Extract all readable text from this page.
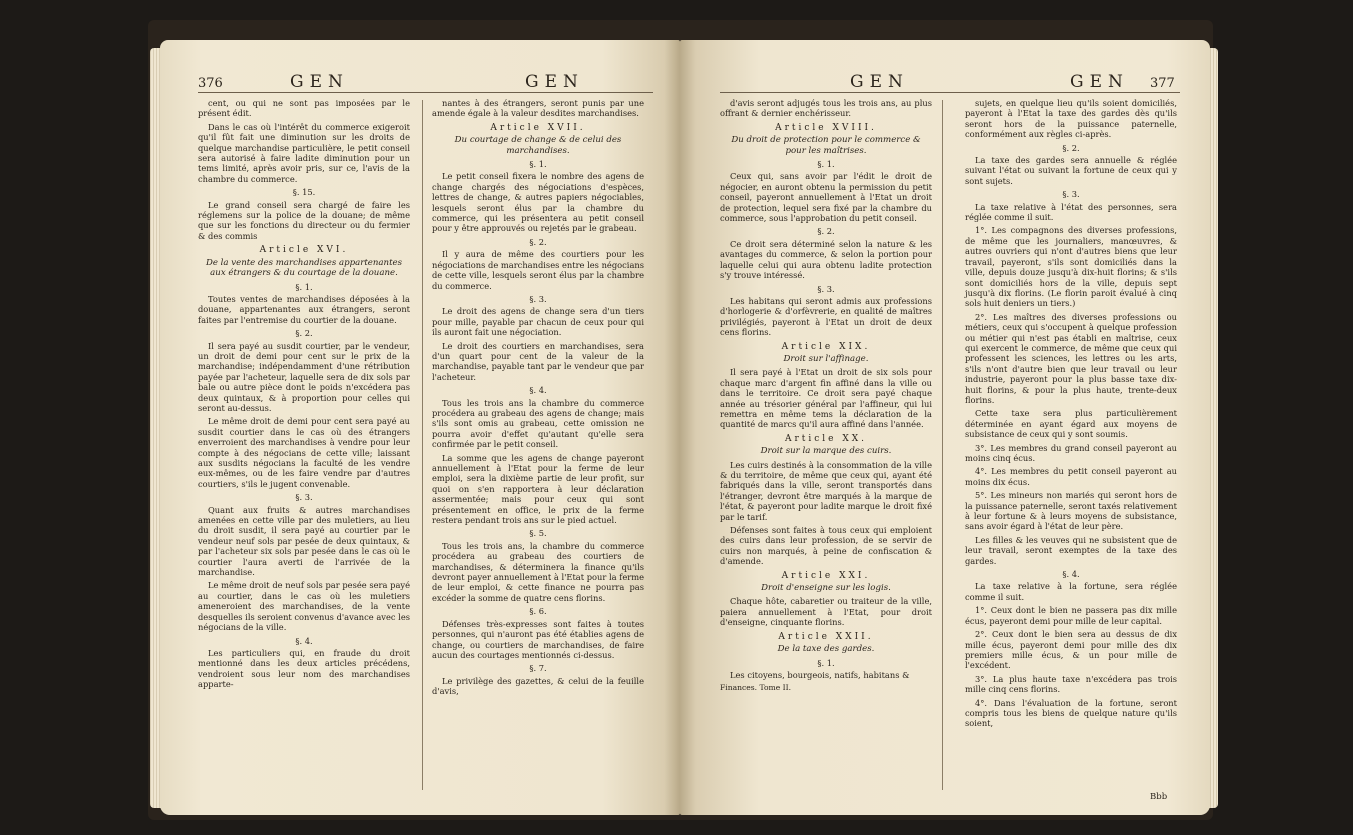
376	GEN	GEN

cent, ou qui ne sont pas imposées par le présent édit.

Dans le cas où l'intérêt du commerce exigeroit qu'il fût fait une diminution sur les droits de quelque marchandise particulière, le petit conseil sera autorisé à faire ladite diminution pour un tems limité, après avoir pris, sur ce, l'avis de la chambre du commerce.

§. 15.

Le grand conseil sera chargé de faire les réglemens sur la police de la douane; de même que sur les fonctions du directeur ou du fermier & des commis

Article XVI.

De la vente des marchandises appartenantes aux étrangers & du courtage de la douane.

§. 1.

Toutes ventes de marchandises déposées à la douane, appartenantes aux étrangers, seront faites par l'entremise du courtier de la douane.

§. 2.

Il sera payé au susdit courtier, par le vendeur, un droit de demi pour cent sur le prix de la marchandise; indépendamment d'une rétribution payée par l'acheteur, laquelle sera de dix sols par bale ou autre pièce dont le poids n'excédera pas deux quintaux, & à proportion pour celles qui seront au-dessus.

Le même droit de demi pour cent sera payé au susdit courtier dans le cas où des étrangers enverroient des marchandises à vendre pour leur compte à des négocians de cette ville; laissant aux susdits négocians la faculté de les vendre eux-mêmes, ou de les faire vendre par d'autres courtiers, s'ils le jugent convenable.

§. 3.

Quant aux fruits & autres marchandises amenées en cette ville par des muletiers, au lieu du droit susdit, il sera payé au courtier par le vendeur neuf sols par pesée de deux quintaux, & par l'acheteur six sols par pesée dans le cas où le courtier l'aura averti de l'arrivée de la marchandise.

Le même droit de neuf sols par pesée sera payé au courtier, dans le cas où les muletiers ameneroient des marchandises, de la vente desquelles ils seroient convenus d'avance avec les négocians de la ville.

§. 4.

Les particuliers qui, en fraude du droit mentionné dans les deux articles précédens, vendroient sous leur nom des marchandises apparte-

nantes à des étrangers, seront punis par une amende égale à la valeur desdites marchandises.

Article XVII.

Du courtage de change & de celui des marchandises.

§. 1.

Le petit conseil fixera le nombre des agens de change chargés des négociations d'espèces, lettres de change, & autres papiers négociables, lesquels seront élus par la chambre du commerce, qui les présentera au petit conseil pour y être approuvés ou rejetés par le grabeau.

§. 2.

Il y aura de même des courtiers pour les négociations de marchandises entre les négocians de cette ville, lesquels seront élus par la chambre du commerce.

§. 3.

Le droit des agens de change sera d'un tiers pour mille, payable par chacun de ceux pour qui ils auront fait une négociation.

Le droit des courtiers en marchandises, sera d'un quart pour cent de la valeur de la marchandise, payable tant par le vendeur que par l'acheteur.

§. 4.

Tous les trois ans la chambre du commerce procédera au grabeau des agens de change; mais s'ils sont omis au grabeau, cette omission ne pourra avoir d'effet qu'autant qu'elle sera confirmée par le petit conseil.

La somme que les agens de change payeront annuellement à l'Etat pour la ferme de leur emploi, sera la dixième partie de leur profit, sur quoi on s'en rapportera à leur déclaration assermentée; mais pour ceux qui sont présentement en office, le prix de la ferme restera pendant trois ans sur le pied actuel.

§. 5.

Tous les trois ans, la chambre du commerce procédera au grabeau des courtiers de marchandises, & déterminera la finance qu'ils devront payer annuellement à l'Etat pour la ferme de leur emploi, & cette finance ne pourra pas excéder la somme de quatre cens florins.

§. 6.

Défenses très-expresses sont faites à toutes personnes, qui n'auront pas été établies agens de change, ou courtiers de marchandises, de faire aucun des courtages mentionnés ci-dessus.

§. 7.

Le privilège des gazettes, & celui de la feuille d'avis,

GEN	GEN 377

d'avis seront adjugés tous les trois ans, au plus offrant & dernier enchérisseur.

Article XVIII.

Du droit de protection pour le commerce & pour les maîtrises.

§. 1.

Ceux qui, sans avoir par l'édit le droit de négocier, en auront obtenu la permission du petit conseil, payeront annuellement à l'Etat un droit de protection, lequel sera fixé par la chambre du commerce, sous l'approbation du petit conseil.

§. 2.

Ce droit sera déterminé selon la nature & les avantages du commerce, & selon la portion pour laquelle celui qui aura obtenu ladite protection s'y trouve intéressé.

§. 3.

Les habitans qui seront admis aux professions d'horlogerie & d'orfèvrerie, en qualité de maîtres privilégiés, payeront à l'Etat un droit de deux cens florins.

Article XIX.

Droit sur l'affinage.

Il sera payé à l'Etat un droit de six sols pour chaque marc d'argent fin affiné dans la ville ou dans le territoire. Ce droit sera payé chaque année au trésorier général par l'affineur, qui lui remettra en même tems la déclaration de la quantité de marcs qu'il aura affiné dans l'année.

Article XX.

Droit sur la marque des cuirs.

Les cuirs destinés à la consommation de la ville & du territoire, de même que ceux qui, ayant été fabriqués dans la ville, seront transportés dans l'étranger, devront être marqués à la marque de l'état, & payeront pour ladite marque le droit fixé par le tarif.

Défenses sont faites à tous ceux qui emploient des cuirs dans leur profession, de se servir de cuirs non marqués, à peine de confiscation & d'amende.

Article XXI.

Droit d'enseigne sur les logis.

Chaque hôte, cabaretier ou traiteur de la ville, paiera annuellement à l'Etat, pour droit d'enseigne, cinquante florins.

Article XXII.

De la taxe des gardes.

§. 1.

Les citoyens, bourgeois, natifs, habitans &

Finances. Tome II.

sujets, en quelque lieu qu'ils soient domiciliés, payeront à l'Etat la taxe des gardes dès qu'ils seront hors de la puissance paternelle, conformément aux règles ci-après.

§. 2.

La taxe des gardes sera annuelle & réglée suivant l'état ou suivant la fortune de ceux qui y sont sujets.

§. 3.

La taxe relative à l'état des personnes, sera réglée comme il suit.

1°. Les compagnons des diverses professions, de même que les journaliers, manœuvres, & autres ouvriers qui n'ont d'autres biens que leur travail, payeront, s'ils sont domiciliés dans la ville, depuis douze jusqu'à dix-huit florins; & s'ils sont domiciliés hors de la ville, depuis sept jusqu'à dix florins. (Le florin paroit évalué à cinq sols huit deniers un tiers.)

2°. Les maîtres des diverses professions ou métiers, ceux qui s'occupent à quelque profession ou métier qui n'est pas établi en maîtrise, ceux qui exercent le commerce, de même que ceux qui professent les sciences, les lettres ou les arts, s'ils n'ont d'autre bien que leur travail ou leur industrie, payeront pour la plus basse taxe dix-huit florins, & pour la plus haute, trente-deux florins.

Cette taxe sera plus particulièrement déterminée en ayant égard aux moyens de subsistance de ceux qui y sont soumis.

3°. Les membres du grand conseil payeront au moins cinq écus.

4°. Les membres du petit conseil payeront au moins dix écus.

5°. Les mineurs non mariés qui seront hors de la puissance paternelle, seront taxés relativement à leur fortune & à leurs moyens de subsistance, sans avoir égard à l'état de leur père.

Les filles & les veuves qui ne subsistent que de leur travail, seront exemptes de la taxe des gardes.

§. 4.

La taxe relative à la fortune, sera réglée comme il suit.

1°. Ceux dont le bien ne passera pas dix mille écus, payeront demi pour mille de leur capital.

2°. Ceux dont le bien sera au dessus de dix mille écus, payeront demi pour mille des dix premiers mille écus, & un pour mille de l'excédent.

3°. La plus haute taxe n'excédera pas trois mille cinq cens florins.

4°. Dans l'évaluation de la fortune, seront compris tous les biens de quelque nature qu'ils soient,

Bbb
